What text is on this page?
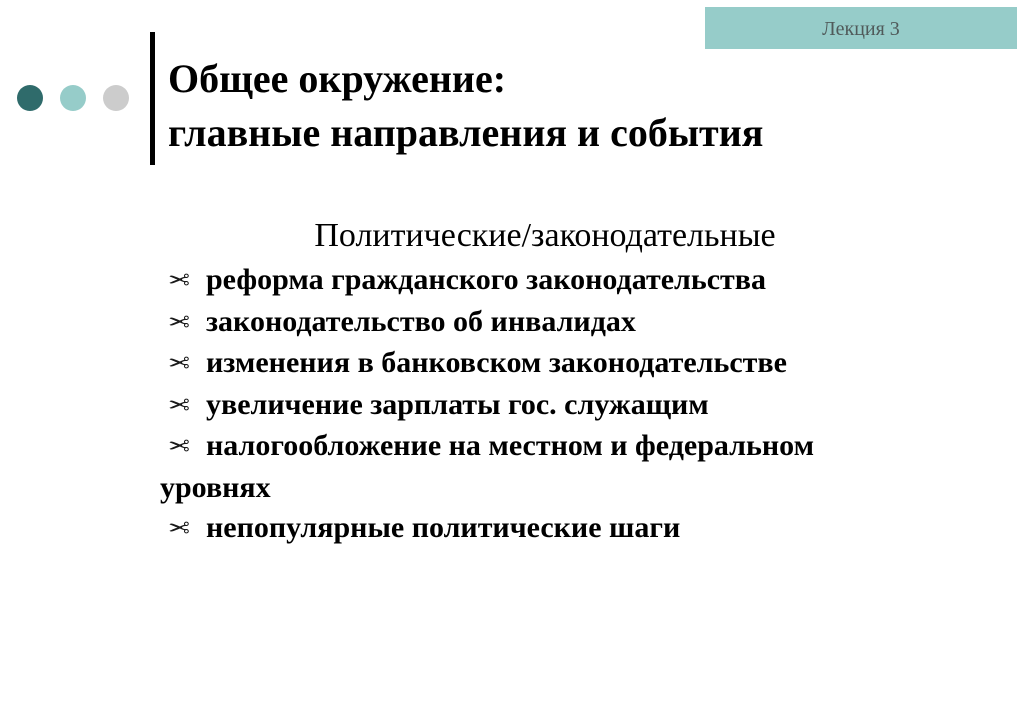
Лекция 3
Общее окружение:
главные направления и события
Политические/законодательные
✂ реформа гражданского законодательства
✂ законодательство об инвалидах
✂ изменения в банковском законодательстве
✂ увеличение зарплаты гос. служащим
✂ налогообложение на местном и федеральном уровнях
✂ непопулярные политические шаги
